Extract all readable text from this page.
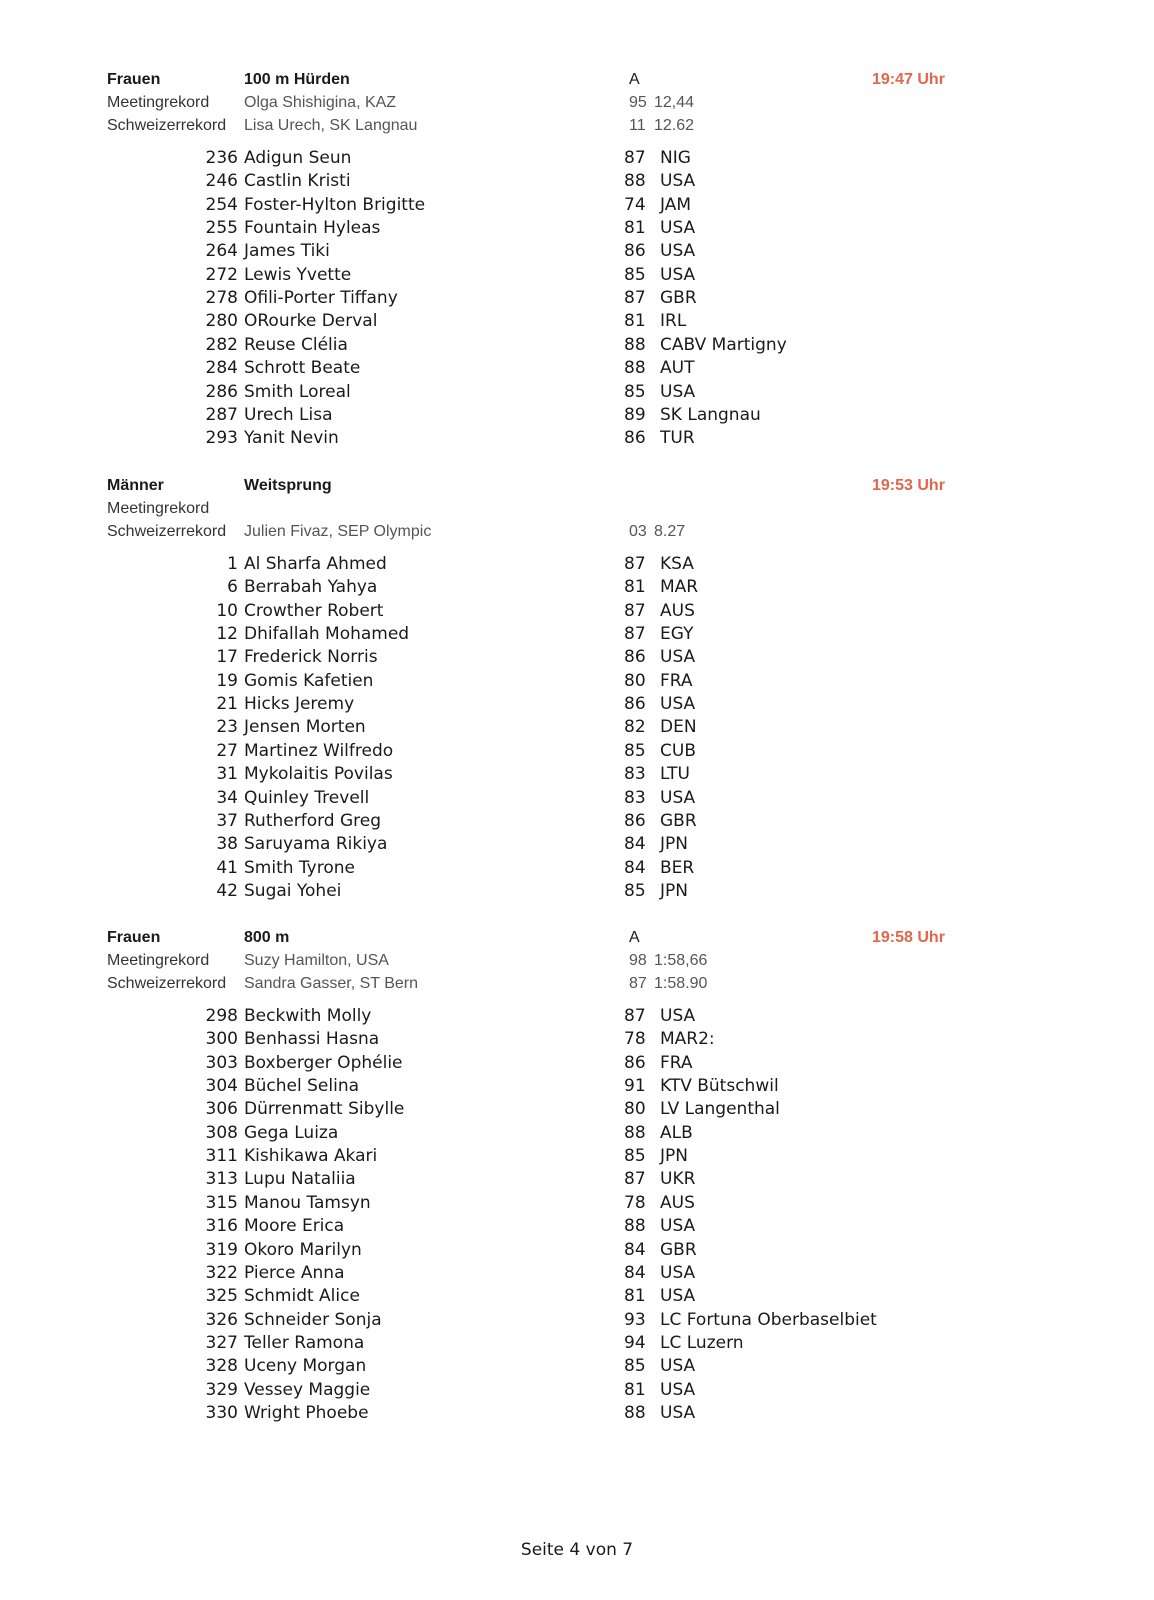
Frauen	100 m Hürden	A	19:47 Uhr
Meetingrekord Olga Shishigina, KAZ	95 12,44
Schweizerrekord Lisa Urech, SK Langnau	11 12.62
236 Adigun Seun	87 NIG
246 Castlin Kristi	88 USA
254 Foster-Hylton Brigitte	74 JAM
255 Fountain Hyleas	81 USA
264 James Tiki	86 USA
272 Lewis Yvette	85 USA
278 Ofili-Porter Tiffany	87 GBR
280 ORourke Derval	81 IRL
282 Reuse Clélia	88 CABV Martigny
284 Schrott Beate	88 AUT
286 Smith Loreal	85 USA
287 Urech Lisa	89 SK Langnau
293 Yanit Nevin	86 TUR
Männer	Weitsprung	19:53 Uhr
Meetingrekord
Schweizerrekord Julien Fivaz, SEP Olympic	03 8.27
1 Al Sharfa Ahmed	87 KSA
6 Berrabah Yahya	81 MAR
10 Crowther Robert	87 AUS
12 Dhifallah Mohamed	87 EGY
17 Frederick Norris	86 USA
19 Gomis Kafetien	80 FRA
21 Hicks Jeremy	86 USA
23 Jensen Morten	82 DEN
27 Martinez Wilfredo	85 CUB
31 Mykolaitis Povilas	83 LTU
34 Quinley Trevell	83 USA
37 Rutherford Greg	86 GBR
38 Saruyama Rikiya	84 JPN
41 Smith Tyrone	84 BER
42 Sugai Yohei	85 JPN
Frauen	800 m	A	19:58 Uhr
Meetingrekord Suzy Hamilton, USA	98 1:58,66
Schweizerrekord Sandra Gasser, ST Bern	87 1:58.90
298 Beckwith Molly	87 USA
300 Benhassi Hasna	78 MAR2:
303 Boxberger Ophélie	86 FRA
304 Büchel Selina	91 KTV Bütschwil
306 Dürrenmatt Sibylle	80 LV Langenthal
308 Gega Luiza	88 ALB
311 Kishikawa Akari	85 JPN
313 Lupu Nataliia	87 UKR
315 Manou Tamsyn	78 AUS
316 Moore Erica	88 USA
319 Okoro Marilyn	84 GBR
322 Pierce Anna	84 USA
325 Schmidt Alice	81 USA
326 Schneider Sonja	93 LC Fortuna Oberbaselbiet
327 Teller Ramona	94 LC Luzern
328 Uceny Morgan	85 USA
329 Vessey Maggie	81 USA
330 Wright Phoebe	88 USA
Seite 4 von 7
